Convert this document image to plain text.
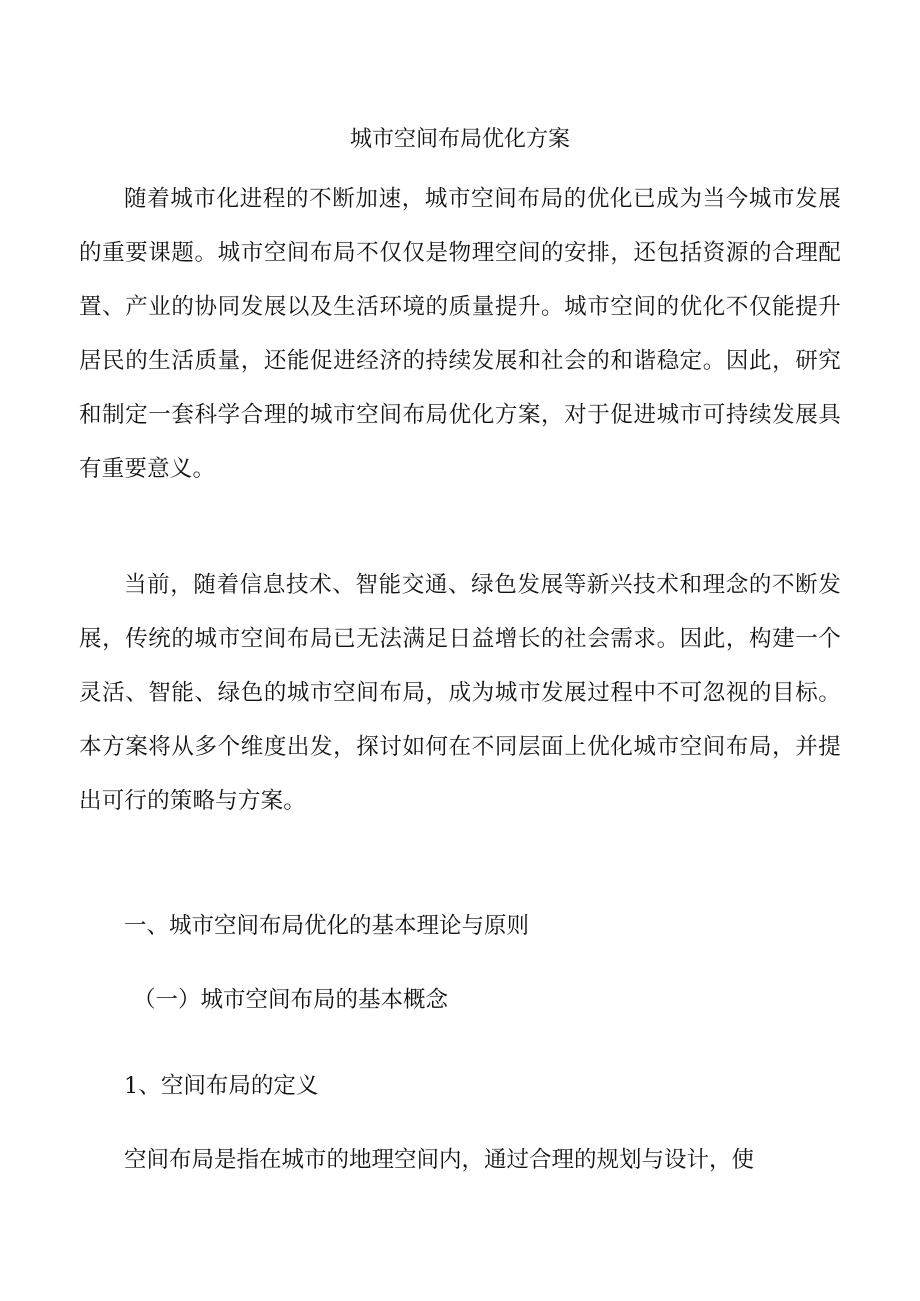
城市空间布局优化方案

随着城市化进程的不断加速，城市空间布局的优化已成为当今城市发展的重要课题。城市空间布局不仅仅是物理空间的安排，还包括资源的合理配置、产业的协同发展以及生活环境的质量提升。城市空间的优化不仅能提升居民的生活质量，还能促进经济的持续发展和社会的和谐稳定。因此，研究和制定一套科学合理的城市空间布局优化方案，对于促进城市可持续发展具有重要意义。

当前，随着信息技术、智能交通、绿色发展等新兴技术和理念的不断发展，传统的城市空间布局已无法满足日益增长的社会需求。因此，构建一个灵活、智能、绿色的城市空间布局，成为城市发展过程中不可忽视的目标。本方案将从多个维度出发，探讨如何在不同层面上优化城市空间布局，并提出可行的策略与方案。

一、城市空间布局优化的基本理论与原则
（一）城市空间布局的基本概念
1、空间布局的定义

空间布局是指在城市的地理空间内，通过合理的规划与设计，使
